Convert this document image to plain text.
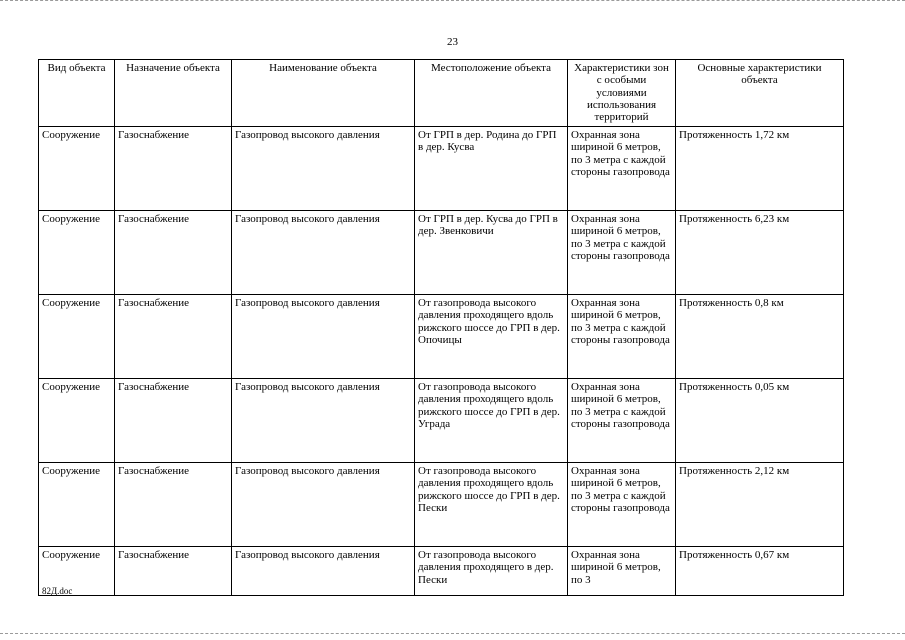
23
Вид объекта	Назначение объекта	Наименование объекта	Местоположение объекта	Характеристики зон с особыми условиями использования территорий	Основные характеристики объекта
Сооружение	Газоснабжение	Газопровод высокого давления	От ГРП в дер. Родина до ГРП в дер. Кусва	Охранная зона шириной 6 метров, по 3 метра с каждой стороны газопровода	Протяженность 1,72 км
Сооружение	Газоснабжение	Газопровод высокого давления	От ГРП в дер. Кусва до ГРП в дер. Звенковичи	Охранная зона шириной 6 метров, по 3 метра с каждой стороны газопровода	Протяженность 6,23 км
Сооружение	Газоснабжение	Газопровод высокого давления	От газопровода высокого давления проходящего вдоль рижского шоссе до ГРП в дер. Опочицы	Охранная зона шириной 6 метров, по 3 метра с каждой стороны газопровода	Протяженность 0,8 км
Сооружение	Газоснабжение	Газопровод высокого давления	От газопровода высокого давления проходящего вдоль рижского шоссе до ГРП в дер. Уграда	Охранная зона шириной 6 метров, по 3 метра с каждой стороны газопровода	Протяженность 0,05 км
Сооружение	Газоснабжение	Газопровод высокого давления	От газопровода высокого давления проходящего вдоль рижского шоссе до ГРП в дер. Пески	Охранная зона шириной 6 метров, по 3 метра с каждой стороны газопровода	Протяженность 2,12 км
Сооружение	Газоснабжение	Газопровод высокого давления	От газопровода высокого давления проходящего в дер. Пески	Охранная зона шириной 6 метров, по 3	Протяженность 0,67 км
82Д.doc
